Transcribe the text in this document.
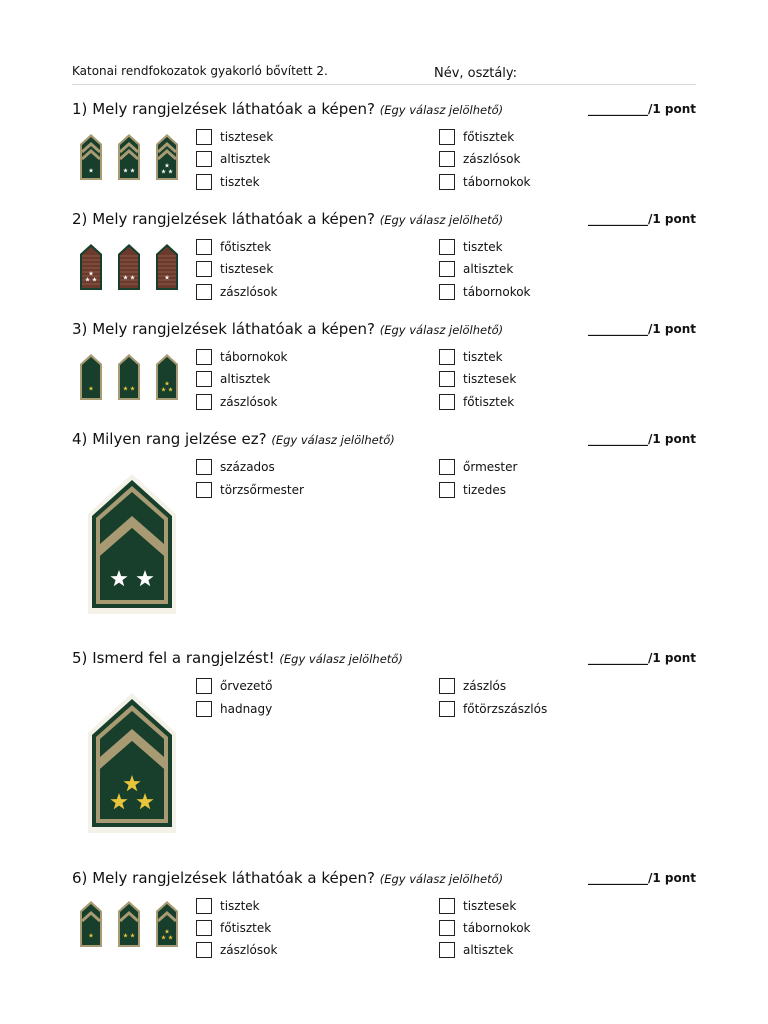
Katonai rendfokozatok gyakorló bővített 2.	Név, osztály:
1) Mely rangjelzések láthatóak a képen? (Egy válasz jelölhető)	__________/1 pont
tisztesek
altisztek
tisztek
főtisztek
zászlósok
tábornokok
2) Mely rangjelzések láthatóak a képen? (Egy válasz jelölhető)	__________/1 pont
főtisztek
tisztesek
zászlósok
tisztek
altisztek
tábornokok
3) Mely rangjelzések láthatóak a képen? (Egy válasz jelölhető)	__________/1 pont
tábornokok
altisztek
zászlósok
tisztek
tisztesek
főtisztek
4) Milyen rang jelzése ez? (Egy válasz jelölhető)	__________/1 pont
százados
törzsőrmester
őrmester
tizedes
5) Ismerd fel a rangjelzést! (Egy válasz jelölhető)	__________/1 pont
őrvezető
hadnagy
zászlós
főtörzszászlós
6) Mely rangjelzések láthatóak a képen? (Egy válasz jelölhető)	__________/1 pont
tisztek
főtisztek
zászlósok
tisztesek
tábornokok
altisztek
